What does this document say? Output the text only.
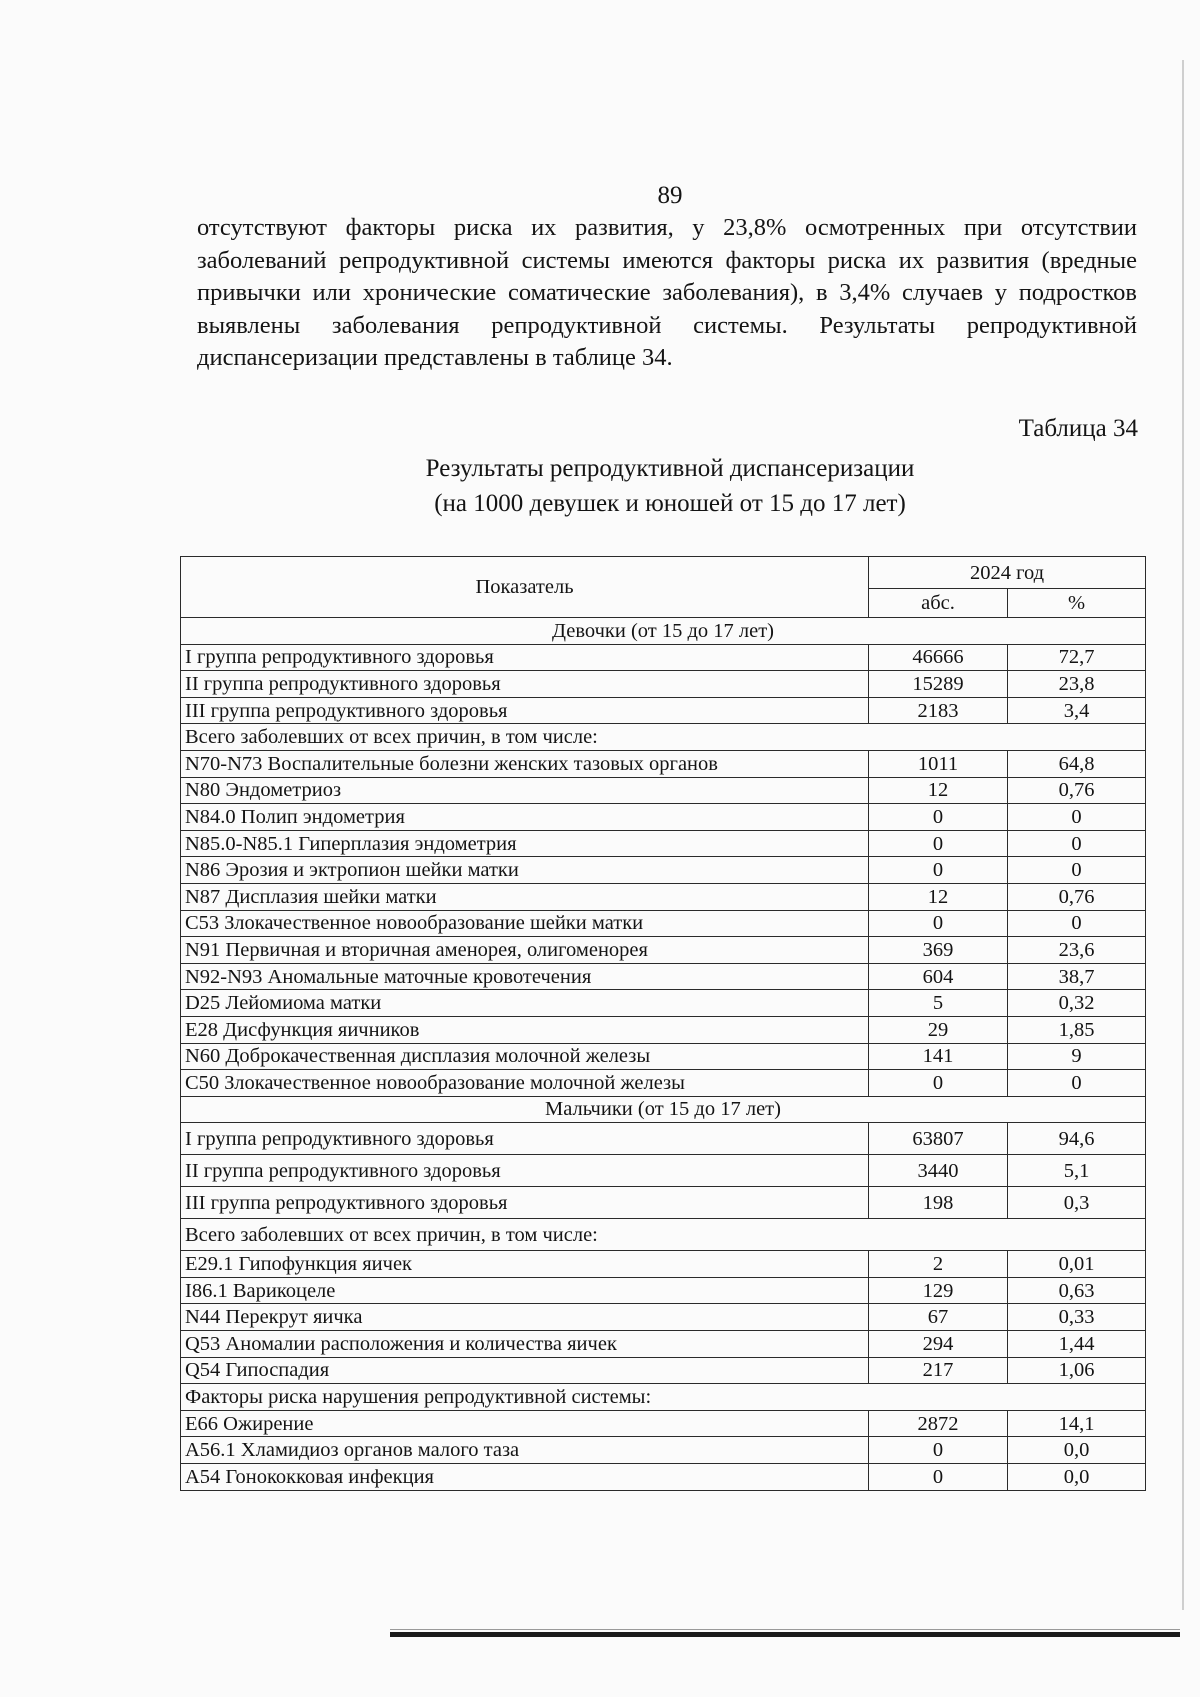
89

отсутствуют факторы риска их развития, у 23,8% осмотренных при отсутствии заболеваний репродуктивной системы имеются факторы риска их развития (вредные привычки или хронические соматические заболевания), в 3,4% случаев у подростков выявлены заболевания репродуктивной системы. Результаты репродуктивной диспансеризации представлены в таблице 34.

Таблица 34
Результаты репродуктивной диспансеризации
(на 1000 девушек и юношей от 15 до 17 лет)
Показатель	2024 год	
	абс.	%
Девочки (от 15 до 17 лет)		
I группа репродуктивного здоровья	46666	72,7
II группа репродуктивного здоровья	15289	23,8
III группа репродуктивного здоровья	2183	3,4
Всего заболевших от всех причин, в том числе:		
N70-N73 Воспалительные болезни женских тазовых органов	1011	64,8
N80 Эндометриоз	12	0,76
N84.0 Полип эндометрия	0	0
N85.0-N85.1 Гиперплазия эндометрия	0	0
N86 Эрозия и эктропион шейки матки	0	0
N87 Дисплазия шейки матки	12	0,76
С53 Злокачественное новообразование шейки матки	0	0
N91 Первичная и вторичная аменорея, олигоменорея	369	23,6
N92-N93 Аномальные маточные кровотечения	604	38,7
D25 Лейомиома матки	5	0,32
Е28 Дисфункция яичников	29	1,85
N60 Доброкачественная дисплазия молочной железы	141	9
С50 Злокачественное новообразование молочной железы	0	0
Мальчики (от 15 до 17 лет)		
I группа репродуктивного здоровья	63807	94,6
II группа репродуктивного здоровья	3440	5,1
III группа репродуктивного здоровья	198	0,3
Всего заболевших от всех причин, в том числе:		
Е29.1 Гипофункция яичек	2	0,01
I86.1 Варикоцеле	129	0,63
N44 Перекрут яичка	67	0,33
Q53 Аномалии расположения и количества яичек	294	1,44
Q54 Гипоспадия	217	1,06
Факторы риска нарушения репродуктивной системы:		
Е66 Ожирение	2872	14,1
А56.1 Хламидиоз органов малого таза	0	0,0
А54 Гонококковая инфекция	0	0,0
